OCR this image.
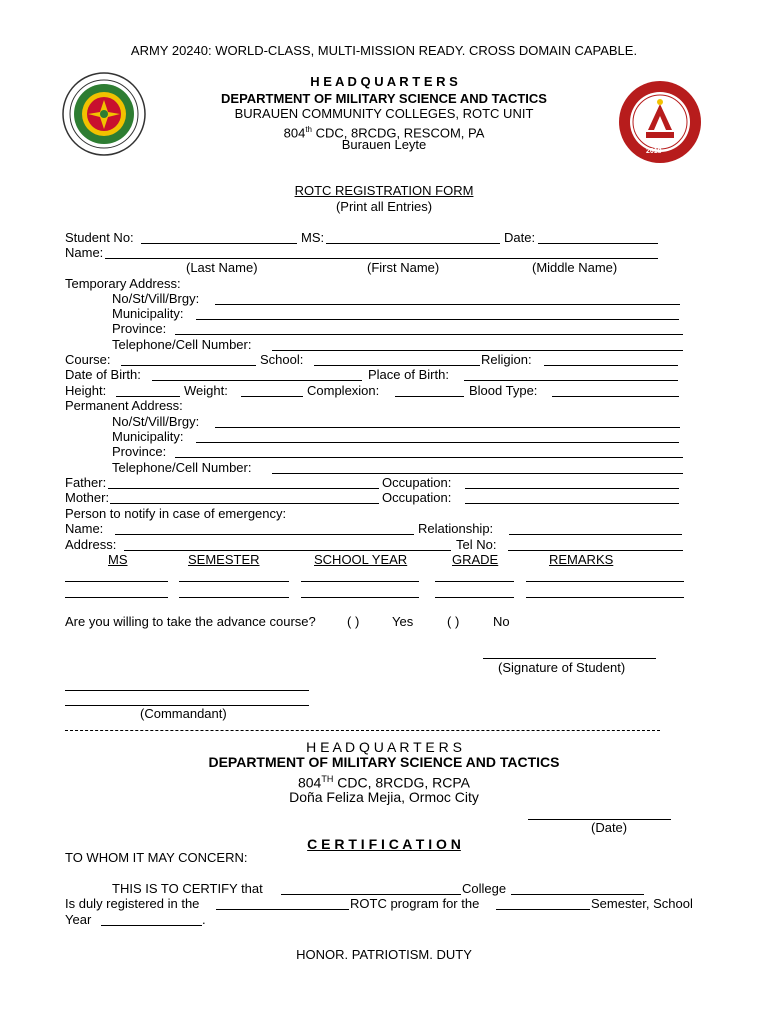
ARMY 20240: WORLD-CLASS, MULTI-MISSION READY. CROSS DOMAIN CAPABLE.
2018
H E A D Q U A R T E R S
DEPARTMENT OF MILITARY SCIENCE AND TACTICS
BURAUEN COMMUNITY COLLEGES, ROTC UNIT
804th CDC, 8RCDG, RESCOM, PA
Burauen Leyte
ROTC REGISTRATION FORM
(Print all Entries)
Student No:	MS:	Date:
Name:
(Last Name)	(First Name)	(Middle Name)
Temporary Address:
No/St/Vill/Brgy:
Municipality:
Province:
Telephone/Cell Number:
Course:	School:	Religion:
Date of Birth:	Place of Birth:
Height:	Weight:	Complexion:	Blood Type:
Permanent Address:
No/St/Vill/Brgy:
Municipality:
Province:
Telephone/Cell Number:
Father:	Occupation:
Mother:	Occupation:
Person to notify in case of emergency:
Name:	Relationship:
Address:	Tel No:
MS	SEMESTER	SCHOOL YEAR	GRADE	REMARKS
Are you willing to take the advance course? ( )	Yes	( )	No
(Signature of Student)
(Commandant)
H E A D Q U A R T E R S
DEPARTMENT OF MILITARY SCIENCE AND TACTICS
804TH CDC, 8RCDG, RCPA
Doña Feliza Mejia, Ormoc City
(Date)
C E R T I F I C A T I O N
TO WHOM IT MAY CONCERN:
THIS IS TO CERTIFY that	College
Is duly registered in the	ROTC program for the	Semester, School
Year	.
HONOR. PATRIOTISM. DUTY
